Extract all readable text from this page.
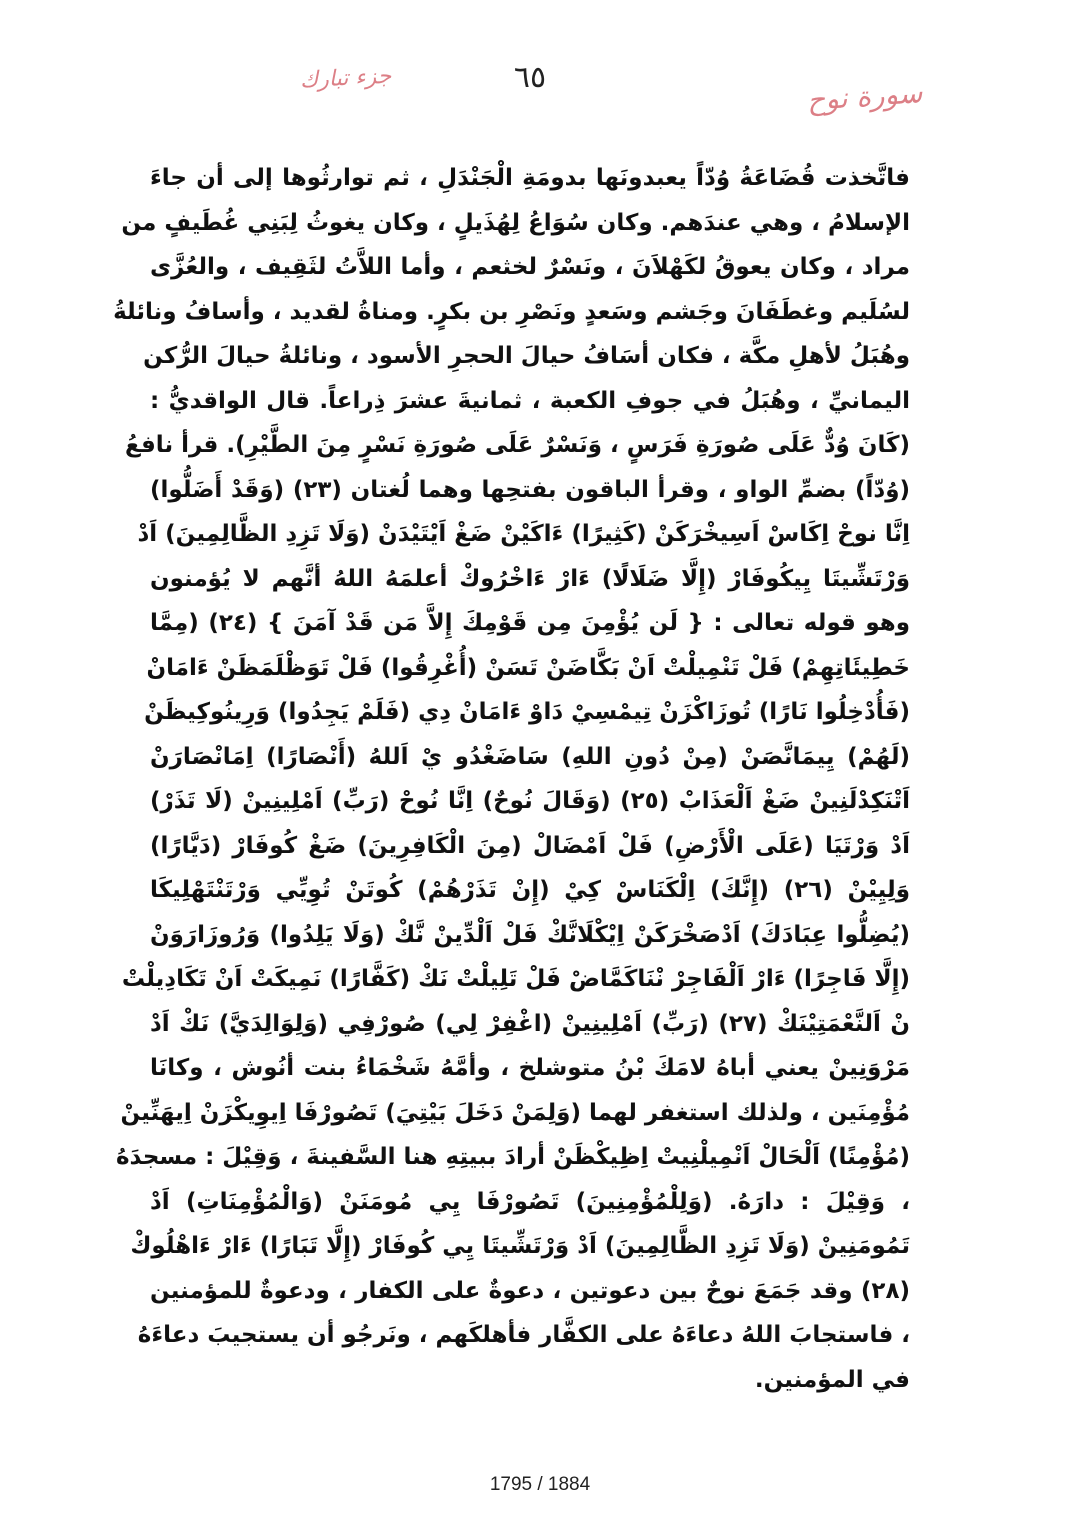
٦٥
جزء تبارك	سورة نوح
فاتَّخذت قُضَاعَةُ وُدّاً يعبدونَها بدومَةِ الْجَنْدَلِ ، ثم توارثُوها إلى أن جاءَ
الإسلامُ ، وهي عندَهم. وكان سُوَاعُ لِهُذَيلٍ ، وكان يغوثُ لِبَنِي غُطَيفٍ من
مراد ، وكان يعوقُ لكَهْلاَنَ ، ونَسْرٌ لخثعم ، وأما اللاَّتُ لثَقِيف ، والعُزَّى
لسُلَيم وغطَفَانَ وجَشم وسَعدٍ ونَصْرِ بن بكرٍ. ومناةُ لقديد ، وأسافُ ونائلةُ
وهُبَلُ لأهلِ مكَّة ، فكان أسَافُ حيالَ الحجرِ الأسود ، ونائلةُ حيالَ الرُّكن
اليمانيِّ ، وهُبَلُ في جوفِ الكعبة ، ثمانيةَ عشرَ ذِراعاً. قال الواقديُّ :
(كَانَ وُدٌّ عَلَى صُورَةِ فَرَسٍ ، وَنَسْرٌ عَلَى صُورَةِ نَسْرٍ مِنَ الطَّيْرِ). قرأ نافعُ
(وُدّاً) بضمِّ الواو ، وقرأ الباقون بفتحِها وهما لُغتان (٢٣) (وَقَدْ أَضَلُّوا)
اِنَّا نوحْ اِكَاسْ اَسِيخْرَكَنْ (كَثِيرًا) ءَاكَيْنْ ضَغْ اَيْتَيْدَنْ (وَلَا تَزِدِ الظَّالِمِينَ) اَدْ
وَرْتَشِّيتَا يِيكُوفَارْ (إِلَّا ضَلَالًا) ءَارْ ءَاخْرُوكْ أعلمَهُ اللهُ أنَّهم لا يُؤمنون
وهو قوله تعالى : { لَن يُؤْمِنَ مِن قَوْمِكَ إِلاَّ مَن قَدْ آمَنَ } (٢٤) (مِمَّا
خَطِيئَاتِهِمْ) فَلْ تَنْمِيلْتْ اَنْ بَكَّاضَنْ تَسَنْ (أُغْرِقُوا) فَلْ تَوَظْلَمَظَنْ ءَامَانْ
(فَأُدْخِلُوا نَارًا) تُوزَاكْزَنْ تِيمْسِيْ دَاوْ ءَامَانْ دِي (فَلَمْ يَجِدُوا) وَرِينُوكِيظَنْ
(لَهُمْ) يِيمَانَّصَنْ (مِنْ دُونِ اللهِ) سَاضَغْدُو يْ اَللهُ (أَنْصَارًا) اِمَانْصَارَنْ
اَتْنَكِدْلَنِينْ ضَغْ اَلْعَذَابْ (٢٥) (وَقَالَ نُوحٌ) اِنَّا نُوحْ (رَبِّ) اَمْلِينِينْ (لَا تَذَرْ)
اَدْ وَرْتَيَا (عَلَى الْأَرْضِ) فَلْ اَمْضَالْ (مِنَ الْكَافِرِينَ) ضَغْ كُوفَارْ (دَيَّارًا)
وَلِيِيْنْ (٢٦) (إِنَّكَ) اِلْكَنَاسْ كِيْ (إِنْ تَذَرْهُمْ) كُوتَنْ تُوِيِّي وَرْتَنْتَهْلِيكَا
(يُضِلُّوا عِبَادَكَ) اَدْصَخْرَكَنْ اِيْكْلَانَّكْ فَلْ اَلْدِّينْ نَّكْ (وَلَا يَلِدُوا) وَرُوزَارَوَنْ
(إِلَّا فَاجِرًا) ءَارْ اَلْفَاجِرْ نْنَاكَمَّاضْ فَلْ تَلِيلْتْ نَكْ (كَفَّارًا) نَمِيكَتْ اَنْ تَكَادِيلْتْ
نْ اَلنَّعْمَتِيْنَكْ (٢٧) (رَبِّ) اَمْلِينِينْ (اغْفِرْ لِي) صُورْفِي (وَلِوَالِدَيَّ) نَكْ اَدْ
مَرْوَنِينْ يعني أباهُ لامَكَ بْنُ متوشلخ ، وأمَّهُ شَخْمَاءُ بنت أنُوش ، وكانَا
مُؤْمِنَين ، ولذلك استغفر لهما (وَلِمَنْ دَخَلَ بَيْتِيَ) تَصُورْفَا اِيوِيكْزَنْ اِيهَنِّينْ
(مُؤْمِنًا) اَلْحَالْ اَنْمِيلْنِيتْ اِظِيكْظَنْ أرادَ ببيتِهِ هنا السَّفينةَ ، وَقِيْلَ : مسجدَهُ
، وَقِيْلَ : دارَهُ. (وَلِلْمُؤْمِنِينَ) تَصُورْفَا يِي مُومَنَنْ (وَالْمُؤْمِنَاتِ) اَدْ
تَمُومَنِينْ (وَلَا تَزِدِ الظَّالِمِينَ) اَدْ وَرْتَشِّيتَا يِي كُوفَارْ (إِلَّا تَبَارًا) ءَارْ ءَاهْلُوكْ
(٢٨) وقد جَمَعَ نوحٌ بين دعوتين ، دعوةٌ على الكفار ، ودعوةٌ للمؤمنين
، فاستجابَ اللهُ دعاءَهُ على الكفَّار فأهلكَهم ، ونَرجُو أن يستجيبَ دعاءَهُ
في المؤمنين.
1795 / 1884
